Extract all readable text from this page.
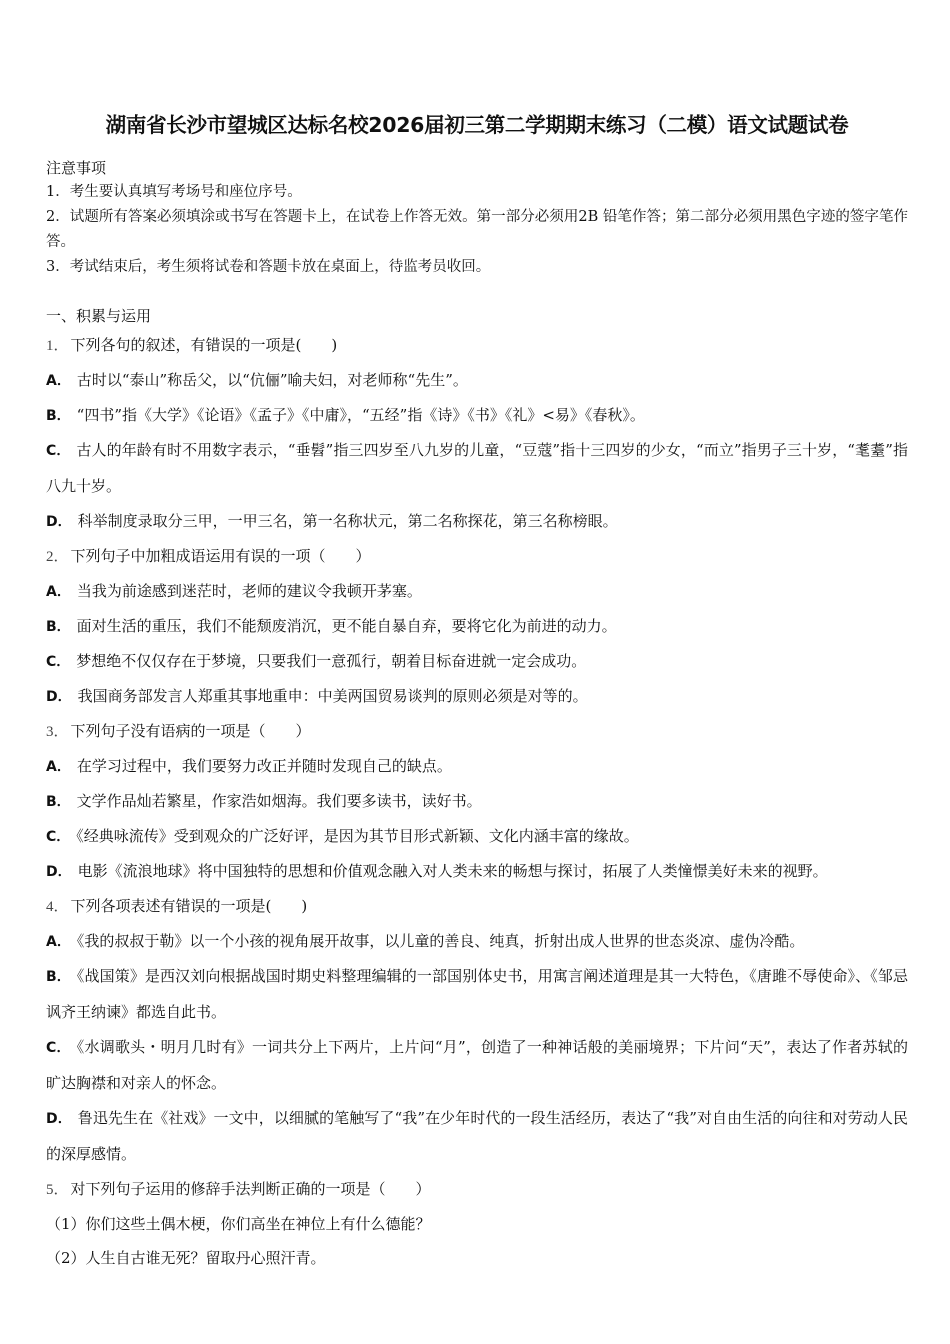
湖南省长沙市望城区达标名校2026届初三第二学期期末练习（二模）语文试题试卷

注意事项

1．考生要认真填写考场号和座位序号。

2．试题所有答案必须填涂或书写在答题卡上，在试卷上作答无效。第一部分必须用2B 铅笔作答；第二部分必须用黑色字迹的签字笔作答。

3．考试结束后，考生须将试卷和答题卡放在桌面上，待监考员收回。

一、积累与运用

1． 下列各句的叙述，有错误的一项是(　　)

A． 古时以“泰山”称岳父，以“伉俪”喻夫妇，对老师称“先生”。

B． “四书”指《大学》《论语》《孟子》《中庸》，“五经”指《诗》《书》《礼》<易》《春秋》。

C． 古人的年龄有时不用数字表示，“垂髫”指三四岁至八九岁的儿童，“豆蔻”指十三四岁的少女，“而立”指男子三十岁，“耄耋”指八九十岁。

D． 科举制度录取分三甲，一甲三名，第一名称状元，第二名称探花，第三名称榜眼。

2． 下列句子中加粗成语运用有误的一项（　　）

A． 当我为前途感到迷茫时，老师的建议令我顿开茅塞。

B． 面对生活的重压，我们不能颓废消沉，更不能自暴自弃，要将它化为前进的动力。

C． 梦想绝不仅仅存在于梦境，只要我们一意孤行，朝着目标奋进就一定会成功。

D． 我国商务部发言人郑重其事地重申：中美两国贸易谈判的原则必须是对等的。

3． 下列句子没有语病的一项是（　　）

A． 在学习过程中，我们要努力改正并随时发现自己的缺点。

B． 文学作品灿若繁星，作家浩如烟海。我们要多读书，读好书。

C． 《经典咏流传》受到观众的广泛好评，是因为其节目形式新颖、文化内涵丰富的缘故。

D． 电影《流浪地球》将中国独特的思想和价值观念融入对人类未来的畅想与探讨，拓展了人类憧憬美好未来的视野。

4． 下列各项表述有错误的一项是(　　)

A． 《我的叔叔于勒》以一个小孩的视角展开故事，以儿童的善良、纯真，折射出成人世界的世态炎凉、虚伪冷酷。

B． 《战国策》是西汉刘向根据战国时期史料整理编辑的一部国别体史书，用寓言阐述道理是其一大特色，《唐雎不辱使命》、《邹忌讽齐王纳谏》都选自此书。

C． 《水调歌头・明月几时有》一词共分上下两片，上片问“月”，创造了一种神话般的美丽境界；下片问“天”，表达了作者苏轼的旷达胸襟和对亲人的怀念。

D． 鲁迅先生在《社戏》一文中，以细腻的笔触写了“我”在少年时代的一段生活经历，表达了“我”对自由生活的向往和对劳动人民的深厚感情。

5． 对下列句子运用的修辞手法判断正确的一项是（　　）

（1）你们这些土偶木梗，你们高坐在神位上有什么德能？

（2）人生自古谁无死？留取丹心照汗青。
